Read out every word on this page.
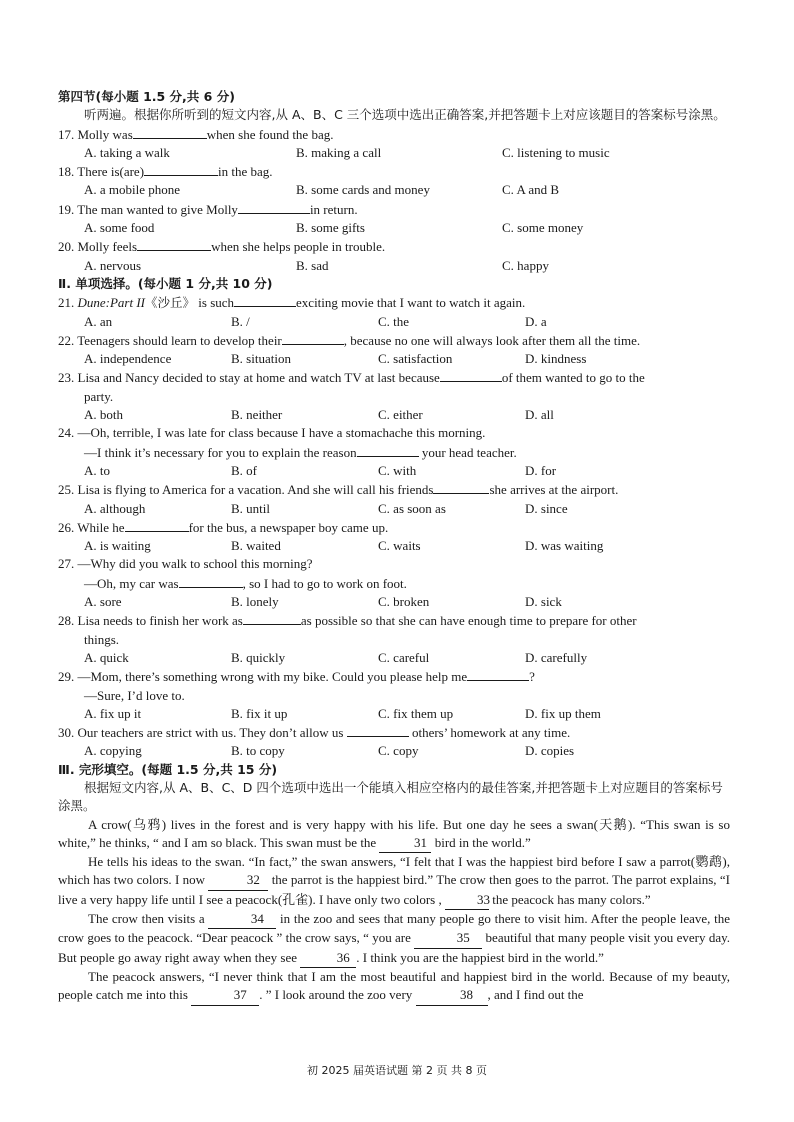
第四节(每小题 1.5 分,共 6 分)
听两遍。根据你所听到的短文内容,从 A、B、C 三个选项中选出正确答案,并把答题卡上对应该题目的答案标号涂黑。
17. Molly was	when she found the bag.
A. taking a walk	B. making a call	C. listening to music
18. There is(are)	in the bag.
A. a mobile phone	B. some cards and money	C. A and B
19. The man wanted to give Molly	in return.
A. some food	B. some gifts	C. some money
20. Molly feels	when she helps people in trouble.
A. nervous	B. sad	C. happy
Ⅱ. 单项选择。(每小题 1 分,共 10 分)
21. Dune:Part II《沙丘》 is such	exciting movie that I want to watch it again.
A. an	B. /	C. the	D. a
22. Teenagers should learn to develop their	, because no one will always look after them all the time.
A. independence	B. situation	C. satisfaction	D. kindness
23. Lisa and Nancy decided to stay at home and watch TV at last because	of them wanted to go to the
party.
A. both	B. neither	C. either	D. all
24. —Oh, terrible, I was late for class because I have a stomachache this morning.
—I think it’s necessary for you to explain the reason	your head teacher.
A. to	B. of	C. with	D. for
25. Lisa is flying to America for a vacation. And she will call his friends	she arrives at the airport.
A. although	B. until	C. as soon as	D. since
26. While he	for the bus, a newspaper boy came up.
A. is waiting	B. waited	C. waits	D. was waiting
27. —Why did you walk to school this morning?
—Oh, my car was	, so I had to go to work on foot.
A. sore	B. lonely	C. broken	D. sick
28. Lisa needs to finish her work as	as possible so that she can have enough time to prepare for other
things.
A. quick	B. quickly	C. careful	D. carefully
29. —Mom, there’s something wrong with my bike. Could you please help me	?
—Sure, I’d love to.
A. fix up it	B. fix it up	C. fix them up	D. fix up them
30. Our teachers are strict with us. They don’t allow us	others’ homework at any time.
A. copying	B. to copy	C. copy	D. copies
Ⅲ. 完形填空。(每题 1.5 分,共 15 分)
根据短文内容,从 A、B、C、D 四个选项中选出一个能填入相应空格内的最佳答案,并把答题卡上对应题目的答案标号涂黑。

A crow(乌鸦) lives in the forest and is very happy with his life. But one day he sees a swan(天鹅). “This swan is so white,” he thinks, “ and I am so black. This swan must be the	31 bird in the world.”

He tells his ideas to the swan. “In fact,” the swan answers, “I felt that I was the happiest bird before I saw a parrot(鹦鹉), which has two colors. I now	32 the parrot is the happiest bird.” The crow then goes to the parrot. The parrot explains, “I live a very happy life until I see a peacock(孔雀). I have only two colors , 33 the peacock has many colors.”

The crow then visits a	34 in the zoo and sees that many people go there to visit him. After the people leave, the crow goes to the peacock. “Dear peacock ” the crow says, “ you are	35 beautiful that many people visit you every day. But people go away right away when they see	36 . I think you are the happiest bird in the world.”

The peacock answers, “I never think that I am the most beautiful and happiest bird in the world. Because of my beauty, people catch me into this	37 . ” I look around the zoo very	38 , and I find out the

初 2025 届英语试题 第 2 页 共 8 页
